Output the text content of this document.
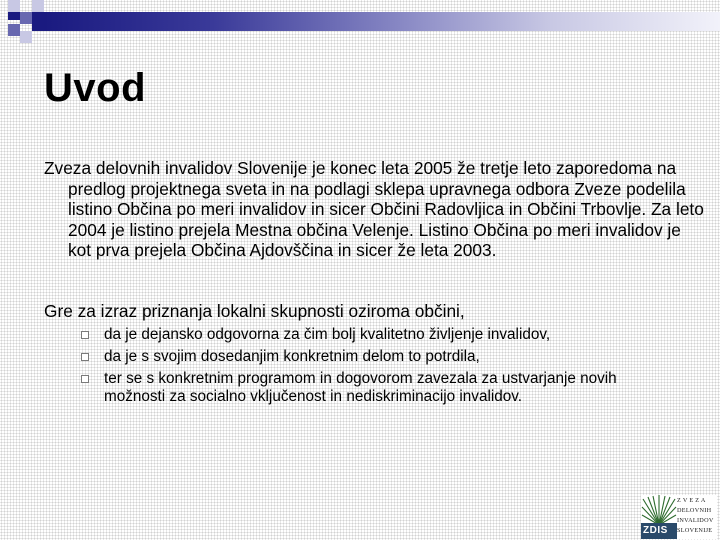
Uvod

Zveza delovnih invalidov Slovenije je konec leta 2005 že tretje leto zaporedoma na predlog projektnega sveta in na podlagi sklepa upravnega odbora Zveze podelila listino Občina po meri invalidov in sicer Občini Radovljica in Občini Trbovlje. Za leto 2004 je listino prejela Mestna občina Velenje. Listino Občina po meri invalidov je kot prva prejela Občina Ajdovščina in sicer že leta 2003.

Gre za izraz priznanja lokalni skupnosti oziroma občini,

da je dejansko odgovorna za čim bolj kvalitetno življenje invalidov,
da je s svojim dosedanjim konkretnim delom to potrdila,
ter se s konkretnim programom in dogovorom zavezala za ustvarjanje novih možnosti za socialno vključenost in nediskriminacijo invalidov.
ZDIS
Z V E Z A
DELOVNIH
INVALIDOV
SLOVENIJE
